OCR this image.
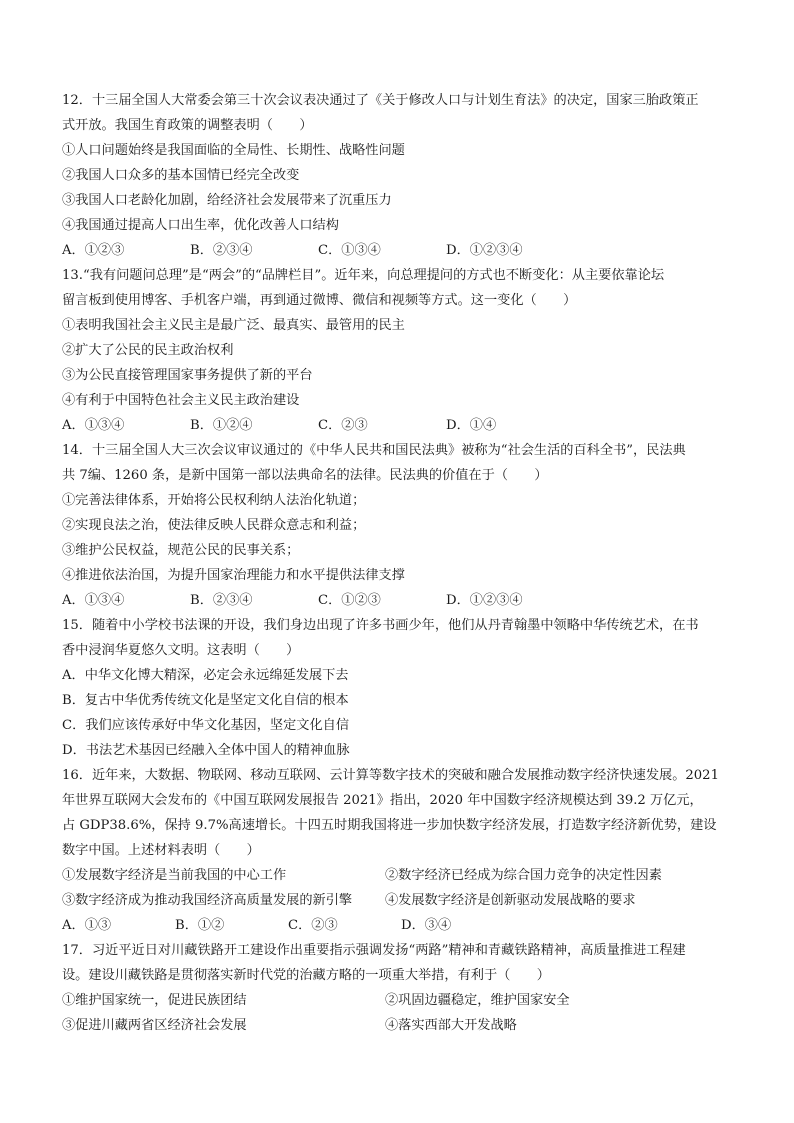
12．十三届全国人大常委会第三十次会议表决通过了《关于修改人口与计划生育法》的决定，国家三胎政策正
式开放。我国生育政策的调整表明（　　）
①人口问题始终是我国面临的全局性、长期性、战略性问题
②我国人口众多的基本国情已经完全改变
③我国人口老龄化加剧，给经济社会发展带来了沉重压力
④我国通过提高人口出生率，优化改善人口结构
A．①②③	B．②③④	C．①③④	D．①②③④
13.“我有问题问总理”是“两会”的“品牌栏目”。近年来，向总理提问的方式也不断变化：从主要依靠论坛
留言板到使用博客、手机客户端，再到通过微博、微信和视频等方式。这一变化（　　）
①表明我国社会主义民主是最广泛、最真实、最管用的民主
②扩大了公民的民主政治权利
③为公民直接管理国家事务提供了新的平台
④有利于中国特色社会主义民主政治建设
A．①③④	B．①②④	C．②③	D．①④
14．十三届全国人大三次会议审议通过的《中华人民共和国民法典》被称为“社会生活的百科全书”，民法典
共 7编、1260 条，是新中国第一部以法典命名的法律。民法典的价值在于（　　）
①完善法律体系，开始将公民权利纳人法治化轨道；
②实现良法之治，使法律反映人民群众意志和利益；
③维护公民权益，规范公民的民事关系；
④推进依法治国，为提升国家治理能力和水平提供法律支撑
A．①③④	B．②③④	C．①②③	D．①②③④
15．随着中小学校书法课的开设，我们身边出现了许多书画少年，他们从丹青翰墨中领略中华传统艺术，在书
香中浸润华夏悠久文明。这表明（　　）
A．中华文化博大精深，必定会永远绵延发展下去
B．复古中华优秀传统文化是坚定文化自信的根本
C．我们应该传承好中华文化基因，坚定文化自信
D．书法艺术基因已经融入全体中国人的精神血脉
16．近年来，大数据、物联网、移动互联网、云计算等数字技术的突破和融合发展推动数字经济快速发展。2021
年世界互联网大会发布的《中国互联网发展报告 2021》指出，2020 年中国数字经济规模达到 39.2 万亿元，
占 GDP38.6%，保持 9.7%高速增长。十四五时期我国将进一步加快数字经济发展，打造数字经济新优势，建设
数字中国。上述材料表明（　　）
①发展数字经济是当前我国的中心工作	②数字经济已经成为综合国力竞争的决定性因素
③数字经济成为推动我国经济高质量发展的新引擎	④发展数字经济是创新驱动发展战略的要求
A．①③	B．①②	C．②③	D．③④
17．习近平近日对川藏铁路开工建设作出重要指示强调发扬“两路”精神和青藏铁路精神，高质量推进工程建
设。建设川藏铁路是贯彻落实新时代党的治藏方略的一项重大举措，有利于（　　）
①维护国家统一，促进民族团结	②巩固边疆稳定，维护国家安全
③促进川藏两省区经济社会发展	④落实西部大开发战略
